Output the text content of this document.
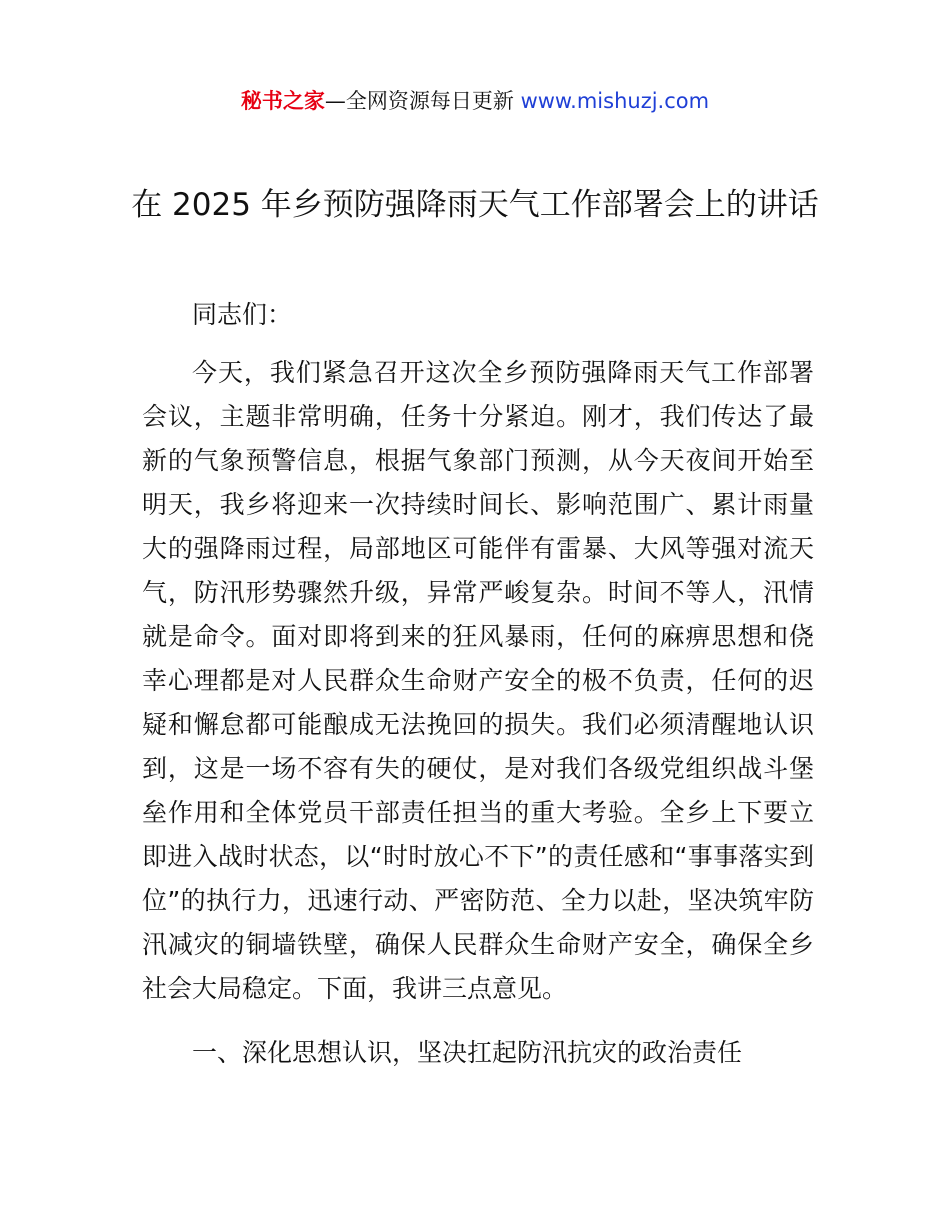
秘书之家—全网资源每日更新 www.mishuzj.com
在 2025 年乡预防强降雨天气工作部署会上的讲话

同志们：

今天，我们紧急召开这次全乡预防强降雨天气工作部署会议，主题非常明确，任务十分紧迫。刚才，我们传达了最新的气象预警信息，根据气象部门预测，从今天夜间开始至明天，我乡将迎来一次持续时间长、影响范围广、累计雨量大的强降雨过程，局部地区可能伴有雷暴、大风等强对流天气，防汛形势骤然升级，异常严峻复杂。时间不等人，汛情就是命令。面对即将到来的狂风暴雨，任何的麻痹思想和侥幸心理都是对人民群众生命财产安全的极不负责，任何的迟疑和懈怠都可能酿成无法挽回的损失。我们必须清醒地认识到，这是一场不容有失的硬仗，是对我们各级党组织战斗堡垒作用和全体党员干部责任担当的重大考验。全乡上下要立即进入战时状态，以“时时放心不下”的责任感和“事事落实到位”的执行力，迅速行动、严密防范、全力以赴，坚决筑牢防汛减灾的铜墙铁壁，确保人民群众生命财产安全，确保全乡社会大局稳定。下面，我讲三点意见。

一、深化思想认识，坚决扛起防汛抗灾的政治责任
